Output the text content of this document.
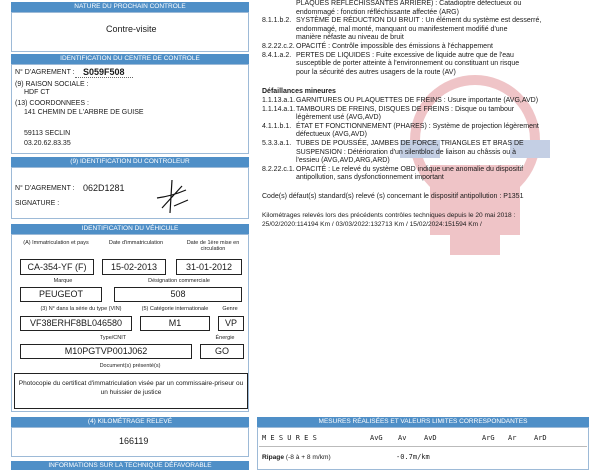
NATURE DU PROCHAIN CONTROLE
Contre-visite
IDENTIFICATION DU CENTRE DE CONTROLE
N° D'AGREMENT : S059F508
(9) RAISON SOCIALE :
HDF CT
(13) COORDONNEES :
141 CHEMIN DE L'ARBRE DE GUISE
59113 SECLIN
03.20.62.83.35
(9) IDENTIFICATION DU CONTROLEUR
N° D'AGREMENT : 062D1281
SIGNATURE :
IDENTIFICATION DU VÉHICULE
(A) Immatriculation et pays	Date d'immatriculation	Date de 1ère mise en circulation
CA-354-YF (F)	15-02-2013	31-01-2012
Marque	Désignation commerciale
PEUGEOT	508
(3) N° dans la série du type (VIN)	(5) Catégorie internationale	Genre
VF38ERHF8BL046580	M1	VP
Type/CNIT	Énergie
M10PGTVP001J062	GO
Document(s) présenté(s)
Photocopie du certificat d'immatriculation visée par un commissaire-priseur ou un huissier de justice
(4) KILOMÉTRAGE RELEVÉ
166119
INFORMATIONS SUR LA TECHNIQUE DÉFAVORABLE
PLAQUES RÉFLÉCHISSANTES ARRIÈRE) : Catadioptre défectueux ou
endommagé : fonction réfléchissante affectée (ARG)
8.1.1.b.2. SYSTÈME DE RÉDUCTION DU BRUIT : Un élément du système est desserré,
endommagé, mal monté, manquant ou manifestement modifié d'une
manière néfaste au niveau de bruit
8.2.22.c.2.OPACITÉ : Contrôle impossible des émissions à l'échappement
8.4.1.a.2. PERTES DE LIQUIDES : Fuite excessive de liquide autre que de l'eau
susceptible de porter atteinte à l'environnement ou constituant un risque
pour la sécurité des autres usagers de la route (AV)
Défaillances mineures
1.1.13.a.1.GARNITURES OU PLAQUETTES DE FREINS : Usure importante (AVG,AVD)
1.1.14.a.1.TAMBOURS DE FREINS, DISQUES DE FREINS : Disque ou tambour
légèrement usé (AVG,AVD)
4.1.1.b.1. ÉTAT ET FONCTIONNEMENT (PHARES) : Système de projection légèrement
défectueux (AVG,AVD)
5.3.3.a.1. TUBES DE POUSSÉE, JAMBES DE FORCE, TRIANGLES ET BRAS DE
SUSPENSION : Détérioration d'un silentbloc de liaison au châssis ou à
l'essieu (AVG,AVD,ARG,ARD)
8.2.22.c.1.OPACITÉ : Le relevé du système OBD indique une anomalie du dispositif
antipollution, sans dysfonctionnement important
Code(s) défaut(s) standard(s) relevé (s) concernant le dispositif antipollution : P1351
Kilométrages relevés lors des précédents contrôles techniques depuis le 20 mai 2018 :
25/02/2020:114194 Km / 03/03/2022:132713 Km / 15/02/2024:151594 Km /
MESURES RÉALISÉES ET VALEURS LIMITES CORRESPONDANTES
M E S U R E S	AvG Av	AvD	ArG Ar	ArD
Ripage (-8 à + 8 m/km)	-0.7m/km
